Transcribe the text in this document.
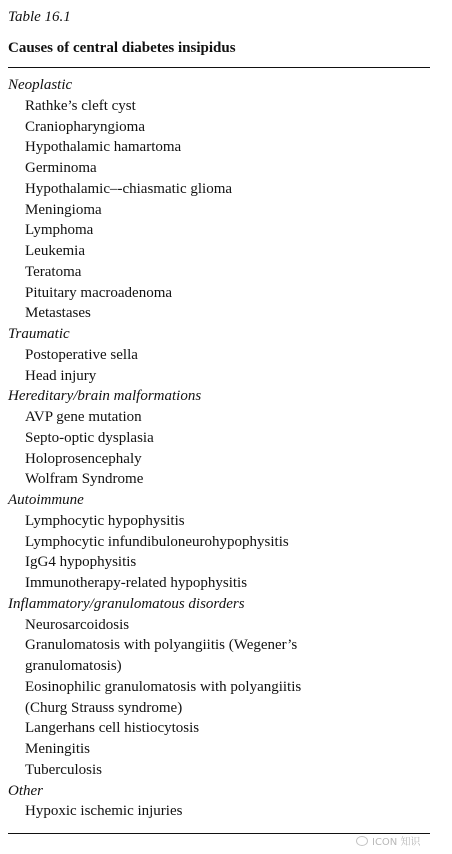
Table 16.1
Causes of central diabetes insipidus
Neoplastic
Rathke’s cleft cyst
Craniopharyngioma
Hypothalamic hamartoma
Germinoma
Hypothalamic–-chiasmatic glioma
Meningioma
Lymphoma
Leukemia
Teratoma
Pituitary macroadenoma
Metastases
Traumatic
Postoperative sella
Head injury
Hereditary/brain malformations
AVP gene mutation
Septo-optic dysplasia
Holoprosencephaly
Wolfram Syndrome
Autoimmune
Lymphocytic hypophysitis
Lymphocytic infundibuloneurohypophysitis
IgG4 hypophysitis
Immunotherapy-related hypophysitis
Inflammatory/granulomatous disorders
Neurosarcoidosis
Granulomatosis with polyangiitis (Wegener’s
granulomatosis)
Eosinophilic granulomatosis with polyangiitis
(Churg Strauss syndrome)
Langerhans cell histiocytosis
Meningitis
Tuberculosis
Other
Hypoxic ischemic injuries
ICON 知识
